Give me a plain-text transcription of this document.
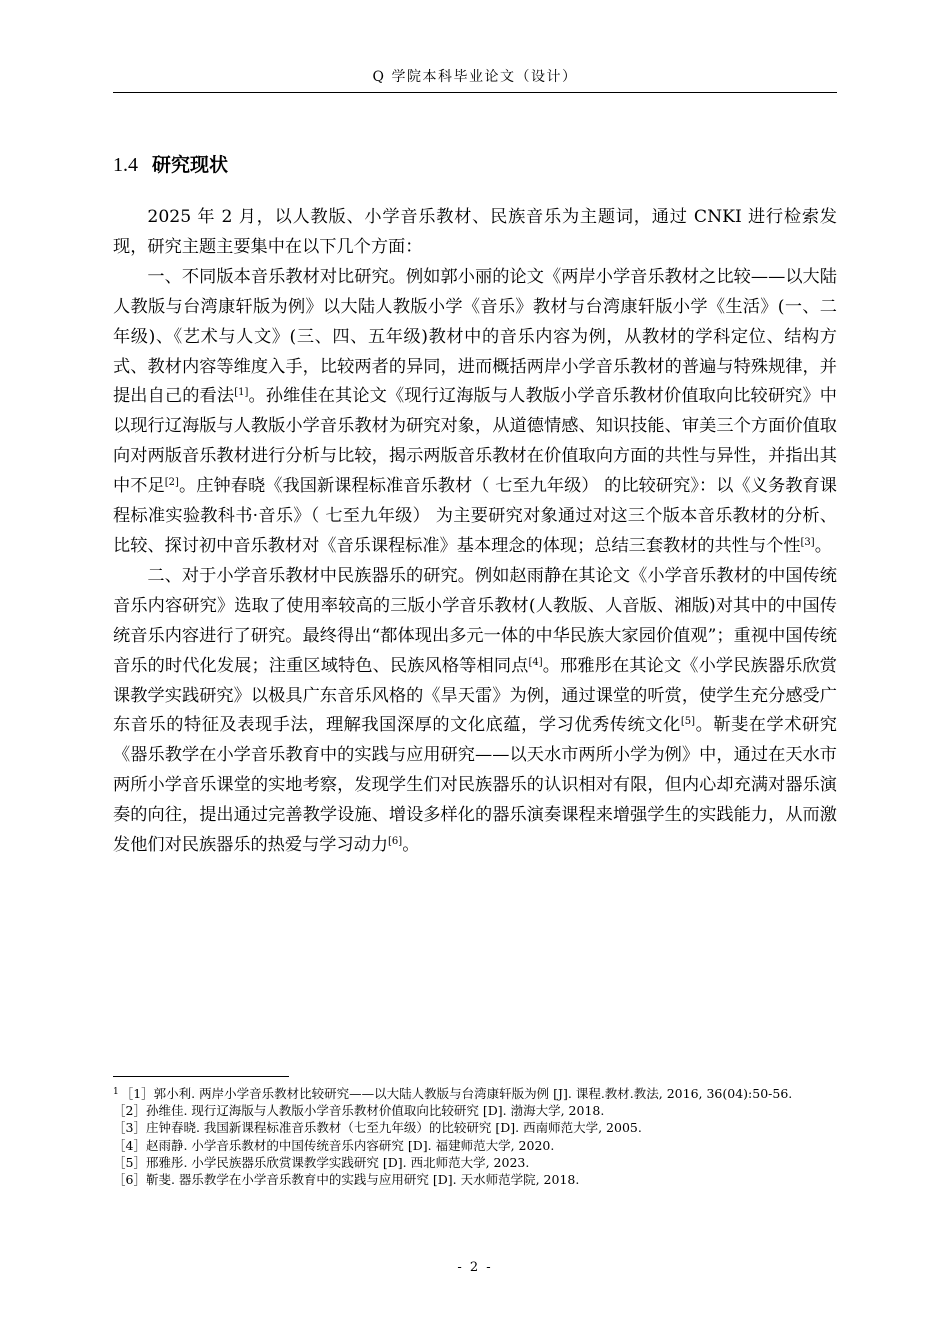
Q 学院本科毕业论文（设计）
1.4 研究现状

2025 年 2 月，以人教版、小学音乐教材、民族音乐为主题词，通过 CNKI 进行检索发现，研究主题主要集中在以下几个方面：

一、不同版本音乐教材对比研究。例如郭小丽的论文《两岸小学音乐教材之比较——以大陆人教版与台湾康轩版为例》以大陆人教版小学《音乐》教材与台湾康轩版小学《生活》(一、二年级)、《艺术与人文》(三、四、五年级)教材中的音乐内容为例，从教材的学科定位、结构方式、教材内容等维度入手，比较两者的异同，进而概括两岸小学音乐教材的普遍与特殊规律，并提出自己的看法[1]。孙维佳在其论文《现行辽海版与人教版小学音乐教材价值取向比较研究》中以现行辽海版与人教版小学音乐教材为研究对象，从道德情感、知识技能、审美三个方面价值取向对两版音乐教材进行分析与比较，揭示两版音乐教材在价值取向方面的共性与异性，并指出其中不足[2]。庄钟春晓《我国新课程标准音乐教材（ 七至九年级） 的比较研究》：以《义务教育课程标准实验教科书·音乐》（ 七至九年级） 为主要研究对象通过对这三个版本音乐教材的分析、比较、探讨初中音乐教材对《音乐课程标准》基本理念的体现；总结三套教材的共性与个性[3]。

二、对于小学音乐教材中民族器乐的研究。例如赵雨静在其论文《小学音乐教材的中国传统音乐内容研究》选取了使用率较高的三版小学音乐教材(人教版、人音版、湘版)对其中的中国传统音乐内容进行了研究。最终得出“都体现出多元一体的中华民族大家园价值观”；重视中国传统音乐的时代化发展；注重区域特色、民族风格等相同点[4]。邢雅彤在其论文《小学民族器乐欣赏课教学实践研究》以极具广东音乐风格的《旱天雷》为例，通过课堂的听赏，使学生充分感受广东音乐的特征及表现手法，理解我国深厚的文化底蕴，学习优秀传统文化[5]。靳斐在学术研究《器乐教学在小学音乐教育中的实践与应用研究——以天水市两所小学为例》中，通过在天水市两所小学音乐课堂的实地考察，发现学生们对民族器乐的认识相对有限，但内心却充满对器乐演奏的向往，提出通过完善教学设施、增设多样化的器乐演奏课程来增强学生的实践能力，从而激发他们对民族器乐的热爱与学习动力[6]。

$^1$ ［1］郭小利. 两岸小学音乐教材比较研究——以大陆人教版与台湾康轩版为例 [J]. 课程.教材.教法, 2016, 36(04):50-56.
［2］孙维佳. 现行辽海版与人教版小学音乐教材价值取向比较研究 [D]. 渤海大学, 2018.
［3］庄钟春晓. 我国新课程标准音乐教材（七至九年级）的比较研究 [D]. 西南师范大学, 2005.
［4］赵雨静. 小学音乐教材的中国传统音乐内容研究 [D]. 福建师范大学, 2020.
［5］邢雅彤. 小学民族器乐欣赏课教学实践研究 [D]. 西北师范大学, 2023.
［6］靳斐. 器乐教学在小学音乐教育中的实践与应用研究 [D]. 天水师范学院, 2018.
- 2 -
